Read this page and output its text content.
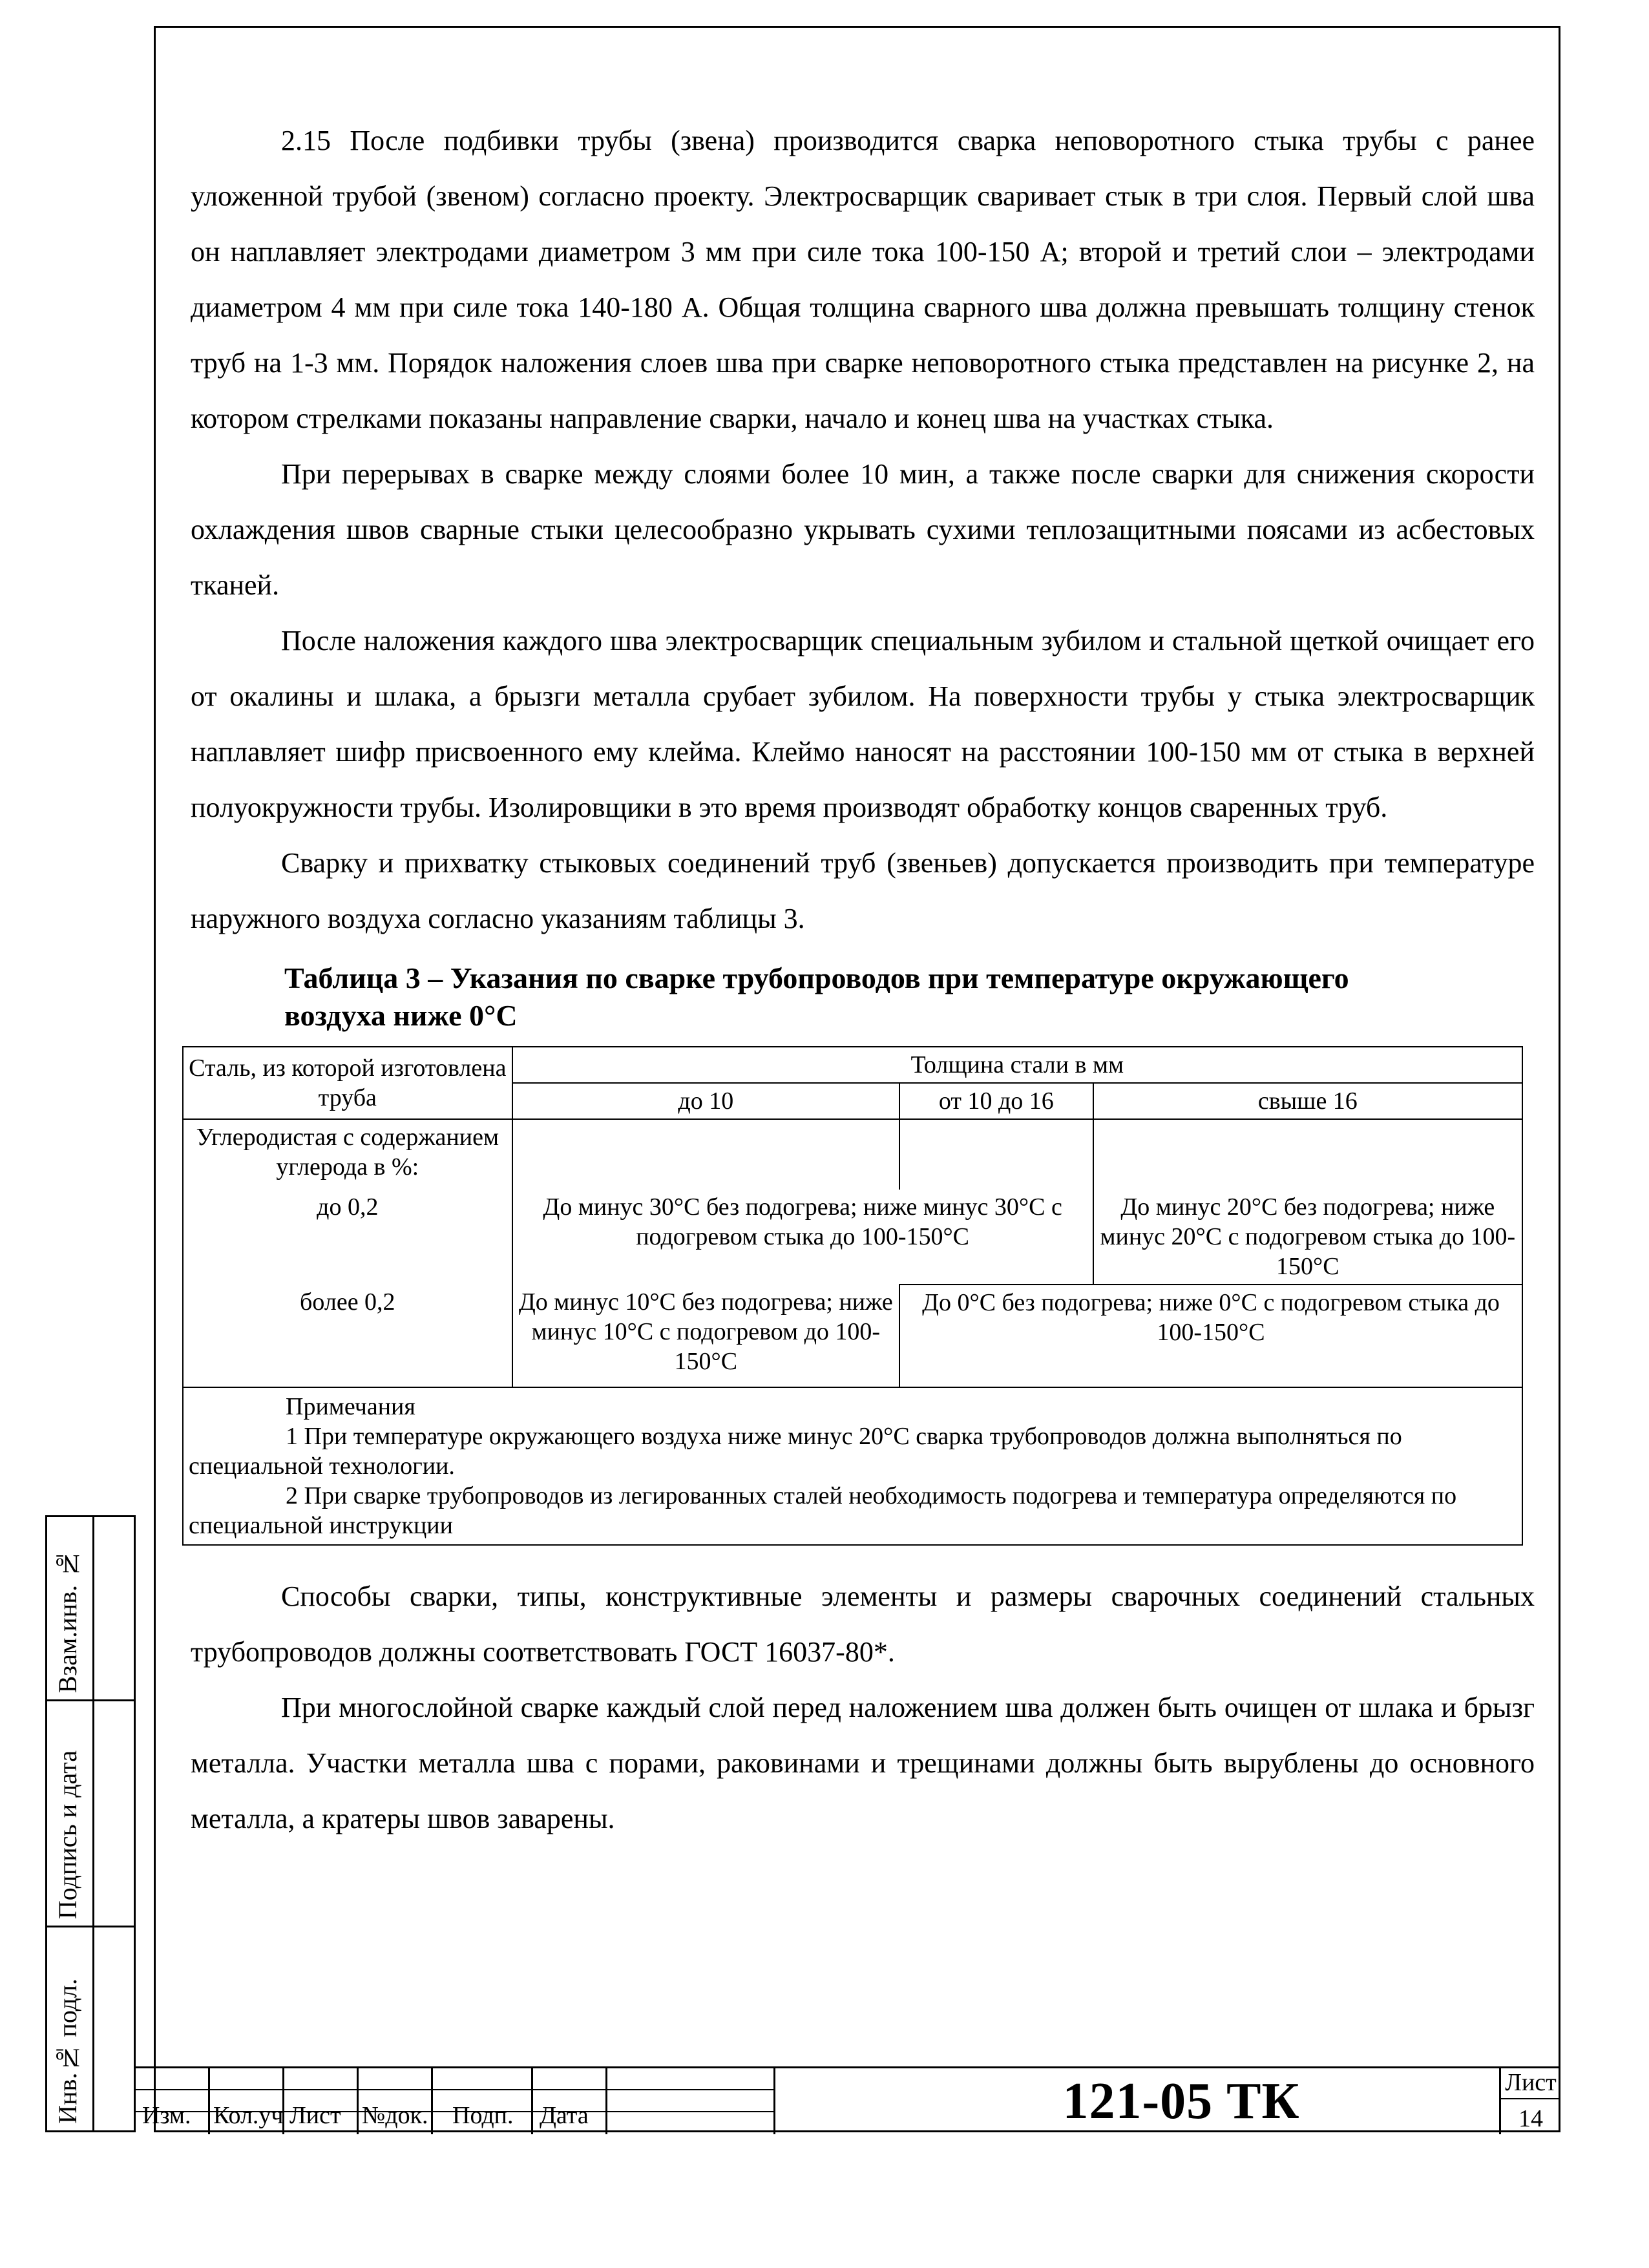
2.15 После подбивки трубы (звена) производится сварка неповоротного стыка трубы с ранее уложенной трубой (звеном) согласно проекту. Электросварщик сваривает стык в три слоя. Первый слой шва он наплавляет электродами диаметром 3 мм при силе тока 100-150 А; второй и третий слои – электродами диаметром 4 мм при силе тока 140-180 А. Общая толщина сварного шва должна превышать толщину стенок труб на 1-3 мм. Порядок наложения слоев шва при сварке неповоротного стыка представлен на рисунке 2, на котором стрелками показаны направление сварки, начало и конец шва на участках стыка.

При перерывах в сварке между слоями более 10 мин, а также после сварки для снижения скорости охлаждения швов сварные стыки целесообразно укрывать сухими теплозащитными поясами из асбестовых тканей.

После наложения каждого шва электросварщик специальным зубилом и стальной щеткой очищает его от окалины и шлака, а брызги металла срубает зубилом. На поверхности трубы у стыка электросварщик наплавляет шифр присвоенного ему клейма. Клеймо наносят на расстоянии 100-150 мм от стыка в верхней полуокружности трубы. Изолировщики в это время производят обработку концов сваренных труб.

Сварку и прихватку стыковых соединений труб (звеньев) допускается производить при температуре наружного воздуха согласно указаниям таблицы 3.

Таблица 3 – Указания по сварке трубопроводов при температуре окружающего воздуха ниже 0°С
Сталь, из которой изготовлена труба	Толщина стали в мм		
	до 10	от 10 до 16	свыше 16
Углеродистая с содержанием углерода в %:			
до 0,2	До минус 30°С без подогрева; ниже минус 30°С с подогревом стыка до 100-150°С		До минус 20°С без подогрева; ниже минус 20°С с подогревом стыка до 100-150°С
более 0,2	До минус 10°С без подогрева; ниже минус 10°С с подогревом до 100-150°С	До 0°С без подогрева; ниже 0°С с подогревом стыка до 100-150°С	

Примечания
1 При температуре окружающего воздуха ниже минус 20°С сварка трубопроводов должна выполняться по специальной технологии.
2 При сварке трубопроводов из легированных сталей необходимость подогрева и температура определяются по специальной инструкции			

Способы сварки, типы, конструктивные элементы и размеры сварочных соединений стальных трубопроводов должны соответствовать ГОСТ 16037-80*.

При многослойной сварке каждый слой перед наложением шва должен быть очищен от шлака и брызг металла. Участки металла шва с порами, раковинами и трещинами должны быть вырублены до основного металла, а кратеры швов заварены.

Взам.инв. №
Подпись и дата
Инв.№ подл. Изм. Кол.уч Лист №док. Подп. Дата	121-05 ТК	Лист
14
